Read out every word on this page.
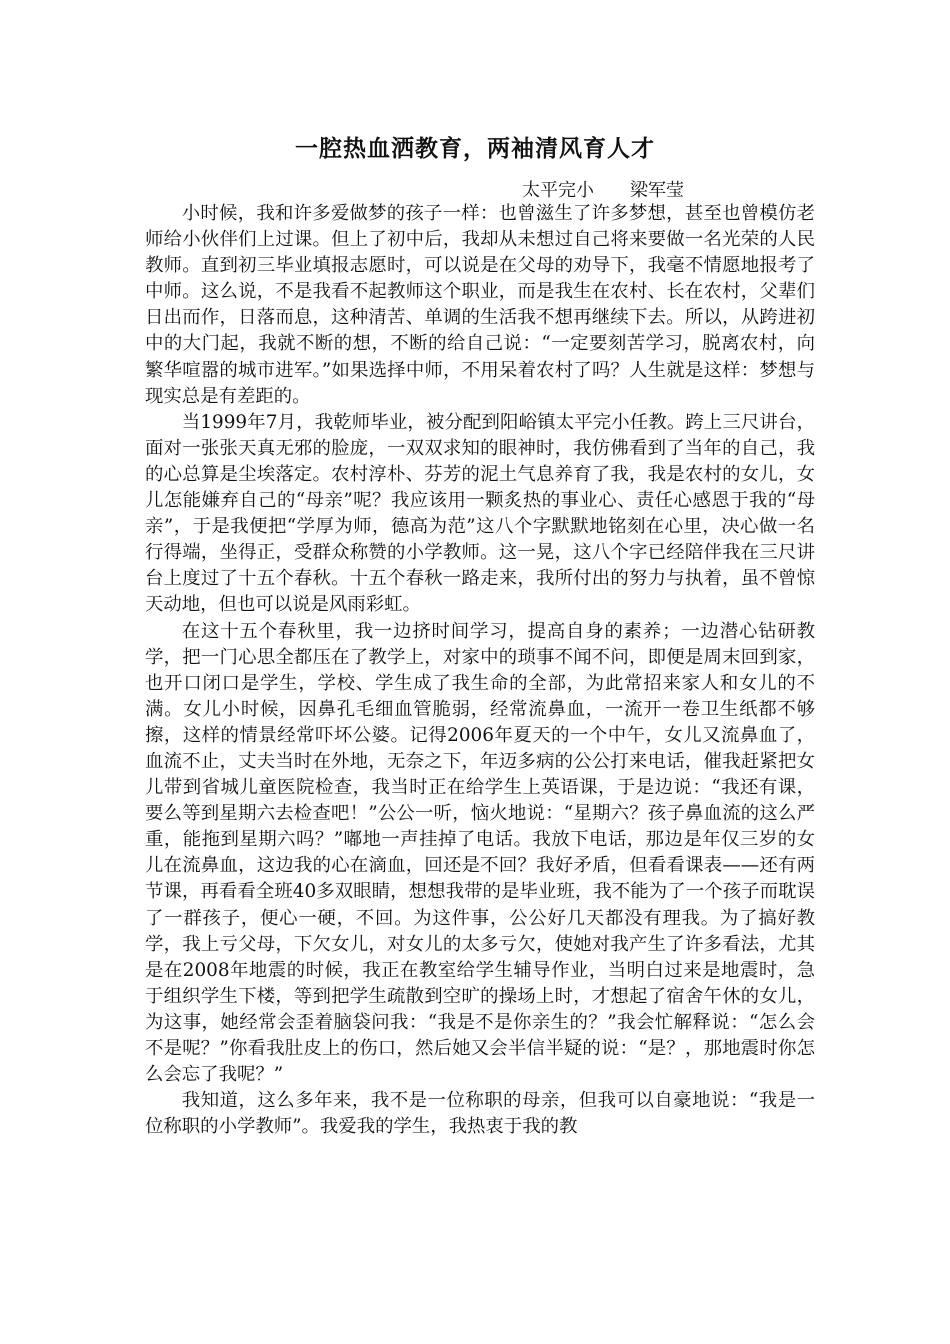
一腔热血洒教育，两袖清风育人才
太平完小　　梁军莹

小时候，我和许多爱做梦的孩子一样：也曾滋生了许多梦想，甚至也曾模仿老师给小伙伴们上过课。但上了初中后，我却从未想过自己将来要做一名光荣的人民教师。直到初三毕业填报志愿时，可以说是在父母的劝导下，我毫不情愿地报考了中师。这么说，不是我看不起教师这个职业，而是我生在农村、长在农村，父辈们日出而作，日落而息，这种清苦、单调的生活我不想再继续下去。所以，从跨进初中的大门起，我就不断的想，不断的给自己说：“一定要刻苦学习，脱离农村，向繁华喧嚣的城市进军。”如果选择中师，不用呆着农村了吗？人生就是这样：梦想与现实总是有差距的。

当1999年7月，我乾师毕业，被分配到阳峪镇太平完小任教。跨上三尺讲台，面对一张张天真无邪的脸庞，一双双求知的眼神时，我仿佛看到了当年的自己，我的心总算是尘埃落定。农村淳朴、芬芳的泥土气息养育了我，我是农村的女儿，女儿怎能嫌弃自己的“母亲”呢？我应该用一颗炙热的事业心、责任心感恩于我的“母亲”，于是我便把“学厚为师，德高为范”这八个字默默地铭刻在心里，决心做一名行得端，坐得正，受群众称赞的小学教师。这一晃，这八个字已经陪伴我在三尺讲台上度过了十五个春秋。十五个春秋一路走来，我所付出的努力与执着，虽不曾惊天动地，但也可以说是风雨彩虹。

在这十五个春秋里，我一边挤时间学习，提高自身的素养；一边潜心钻研教学，把一门心思全都压在了教学上，对家中的琐事不闻不问，即便是周末回到家，也开口闭口是学生，学校、学生成了我生命的全部，为此常招来家人和女儿的不满。女儿小时候，因鼻孔毛细血管脆弱，经常流鼻血，一流开一卷卫生纸都不够擦，这样的情景经常吓坏公婆。记得2006年夏天的一个中午，女儿又流鼻血了，血流不止，丈夫当时在外地，无奈之下，年迈多病的公公打来电话，催我赶紧把女儿带到省城儿童医院检查，我当时正在给学生上英语课，于是边说：“我还有课，要么等到星期六去检查吧！”公公一听，恼火地说：“星期六？孩子鼻血流的这么严重，能拖到星期六吗？”嘟地一声挂掉了电话。我放下电话，那边是年仅三岁的女儿在流鼻血，这边我的心在滴血，回还是不回？我好矛盾，但看看课表——还有两节课，再看看全班40多双眼睛，想想我带的是毕业班，我不能为了一个孩子而耽误了一群孩子，便心一硬，不回。为这件事，公公好几天都没有理我。为了搞好教学，我上亏父母，下欠女儿，对女儿的太多亏欠，使她对我产生了许多看法，尤其是在2008年地震的时候，我正在教室给学生辅导作业，当明白过来是地震时，急于组织学生下楼，等到把学生疏散到空旷的操场上时，才想起了宿舍午休的女儿，为这事，她经常会歪着脑袋问我：“我是不是你亲生的？”我会忙解释说：“怎么会不是呢？”你看我肚皮上的伤口，然后她又会半信半疑的说：“是？，那地震时你怎么会忘了我呢？”

我知道，这么多年来，我不是一位称职的母亲，但我可以自豪地说：“我是一位称职的小学教师”。我爱我的学生，我热衷于我的教
